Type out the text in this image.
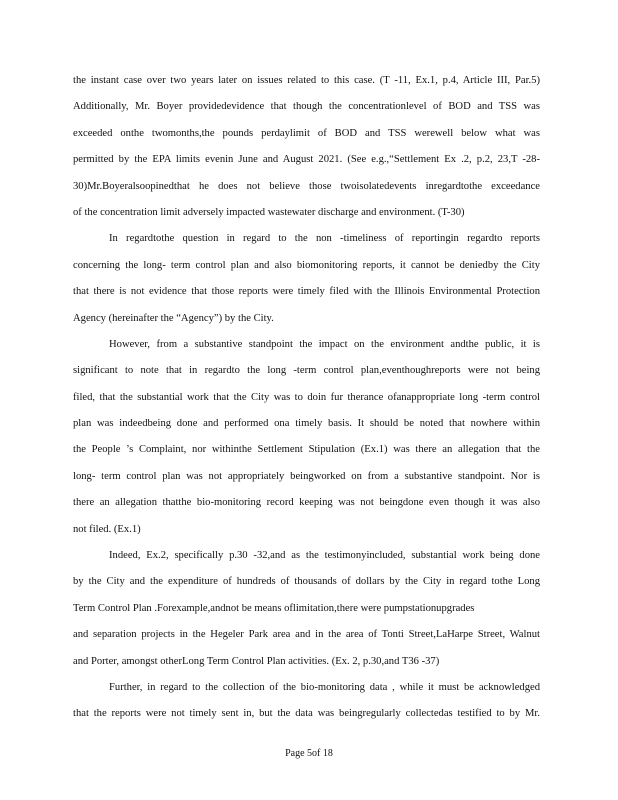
the instant case over two years later on issues related to this case. (T -11, Ex.1, p.4, Article III, Par.5)
Additionally, Mr. Boyer providedevidence that though the concentrationlevel of BOD and TSS was
exceeded onthe twomonths,the pounds perdaylimit of BOD and TSS werewell below what was
permitted by the EPA limits evenin June and August 2021. (See e.g.,“Settlement Ex .2, p.2, 23,T -28-
30)Mr.Boyeralsoopinedthat he does not believe those twoisolatedevents inregardtothe exceedance
of the concentration limit adversely impacted wastewater discharge and environment. (T-30)
In regardtothe question in regard to the non -timeliness of reportingin regardto reports
concerning the long- term control plan and also biomonitoring reports, it cannot be deniedby the City
that there is not evidence that those reports were timely filed with the Illinois Environmental Protection
Agency (hereinafter the “Agency”) by the City.
However, from a substantive standpoint the impact on the environment andthe public, it is
significant to note that in regardto the long -term control plan,eventhoughreports were not being
filed, that the substantial work that the City was to doin fur therance ofanappropriate long -term control
plan was indeedbeing done and performed ona timely basis. It should be noted that nowhere within
the People ’s Complaint, nor withinthe Settlement Stipulation (Ex.1) was there an allegation that the
long- term control plan was not appropriately beingworked on from a substantive standpoint. Nor is
there an allegation thatthe bio-monitoring record keeping was not beingdone even though it was also
not filed. (Ex.1)
Indeed, Ex.2, specifically p.30 -32,and as the testimonyincluded, substantial work being done
by the City and the expenditure of hundreds of thousands of dollars by the City in regard tothe Long
Term Control Plan .Forexample,andnot be means oflimitation,there were pumpstationupgrades
and separation projects in the Hegeler Park area and in the area of Tonti Street,LaHarpe Street, Walnut
and Porter, amongst otherLong Term Control Plan activities. (Ex. 2, p.30,and T36 -37)
Further, in regard to the collection of the bio-monitoring data , while it must be acknowledged
that the reports were not timely sent in, but the data was beingregularly collectedas testified to by Mr.
Page 5of 18
